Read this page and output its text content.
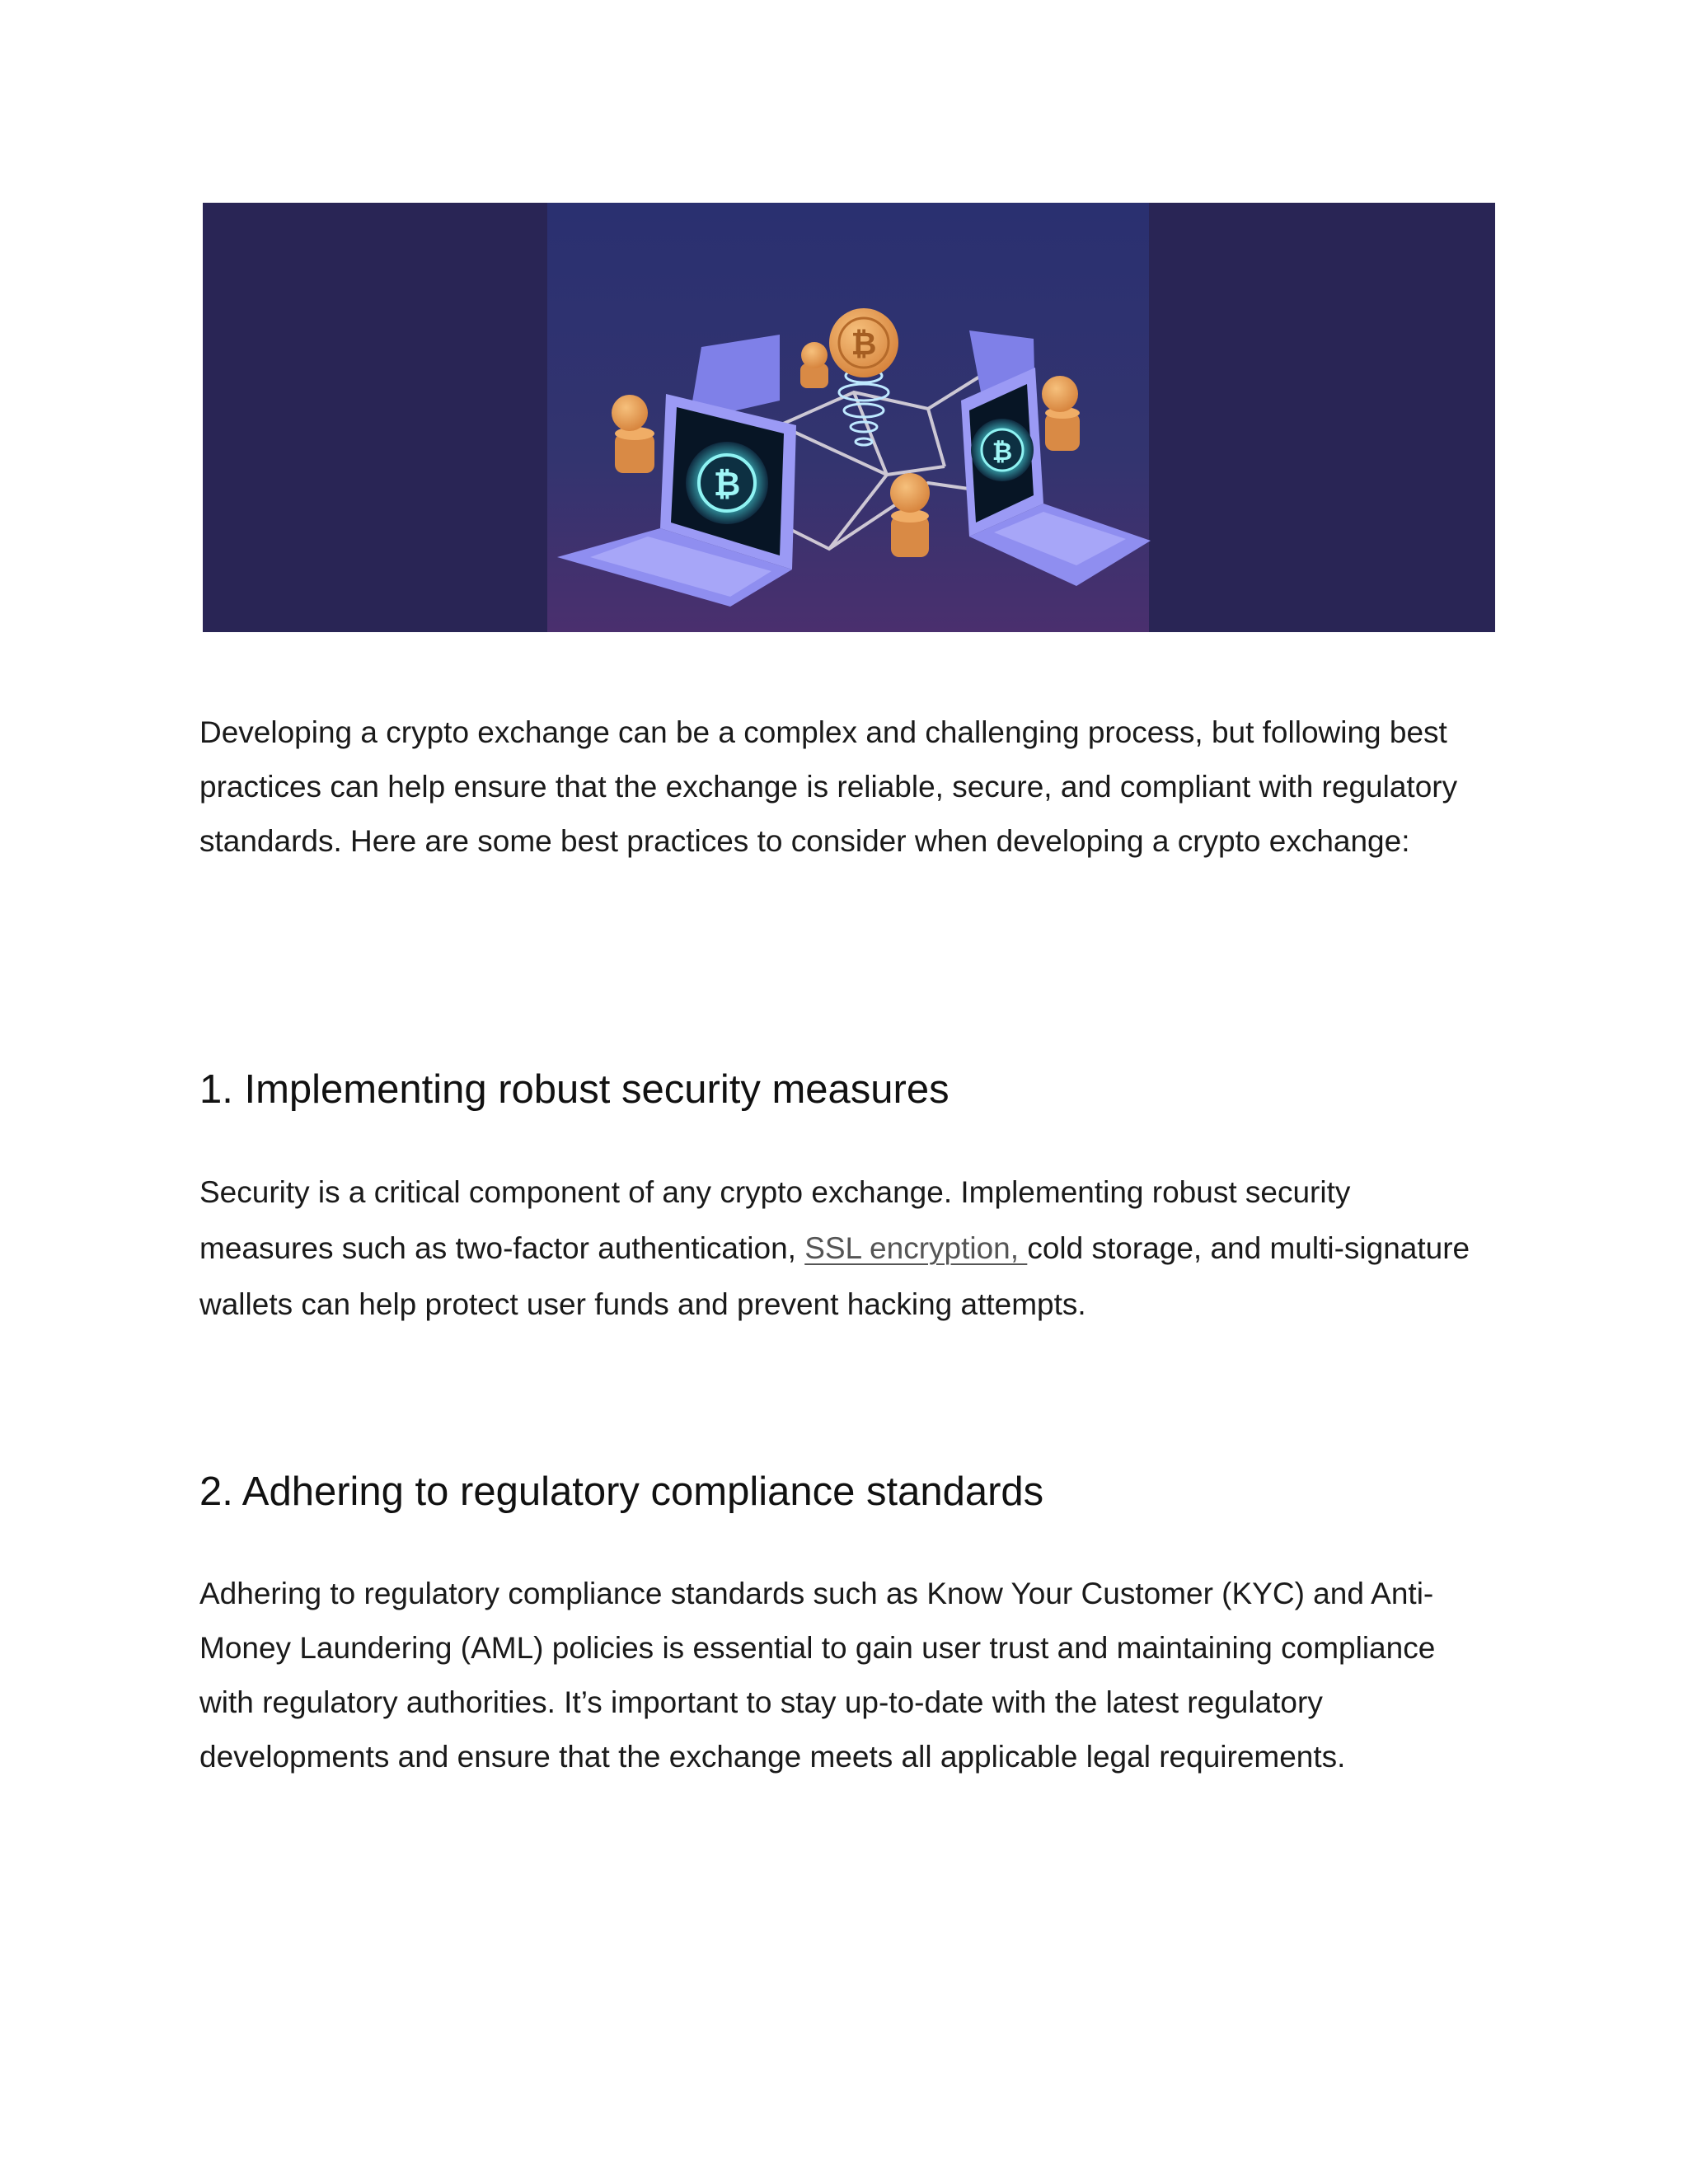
₿
₿
₿

Developing a crypto exchange can be a complex and challenging process, but following best practices can help ensure that the exchange is reliable, secure, and compliant with regulatory standards. Here are some best practices to consider when developing a crypto exchange:

1. Implementing robust security measures

Security is a critical component of any crypto exchange. Implementing robust security measures such as two-factor authentication, SSL encryption, cold storage, and multi-signature wallets can help protect user funds and prevent hacking attempts.

2. Adhering to regulatory compliance standards

Adhering to regulatory compliance standards such as Know Your Customer (KYC) and Anti-Money Laundering (AML) policies is essential to gain user trust and maintaining compliance with regulatory authorities. It’s important to stay up-to-date with the latest regulatory developments and ensure that the exchange meets all applicable legal requirements.
